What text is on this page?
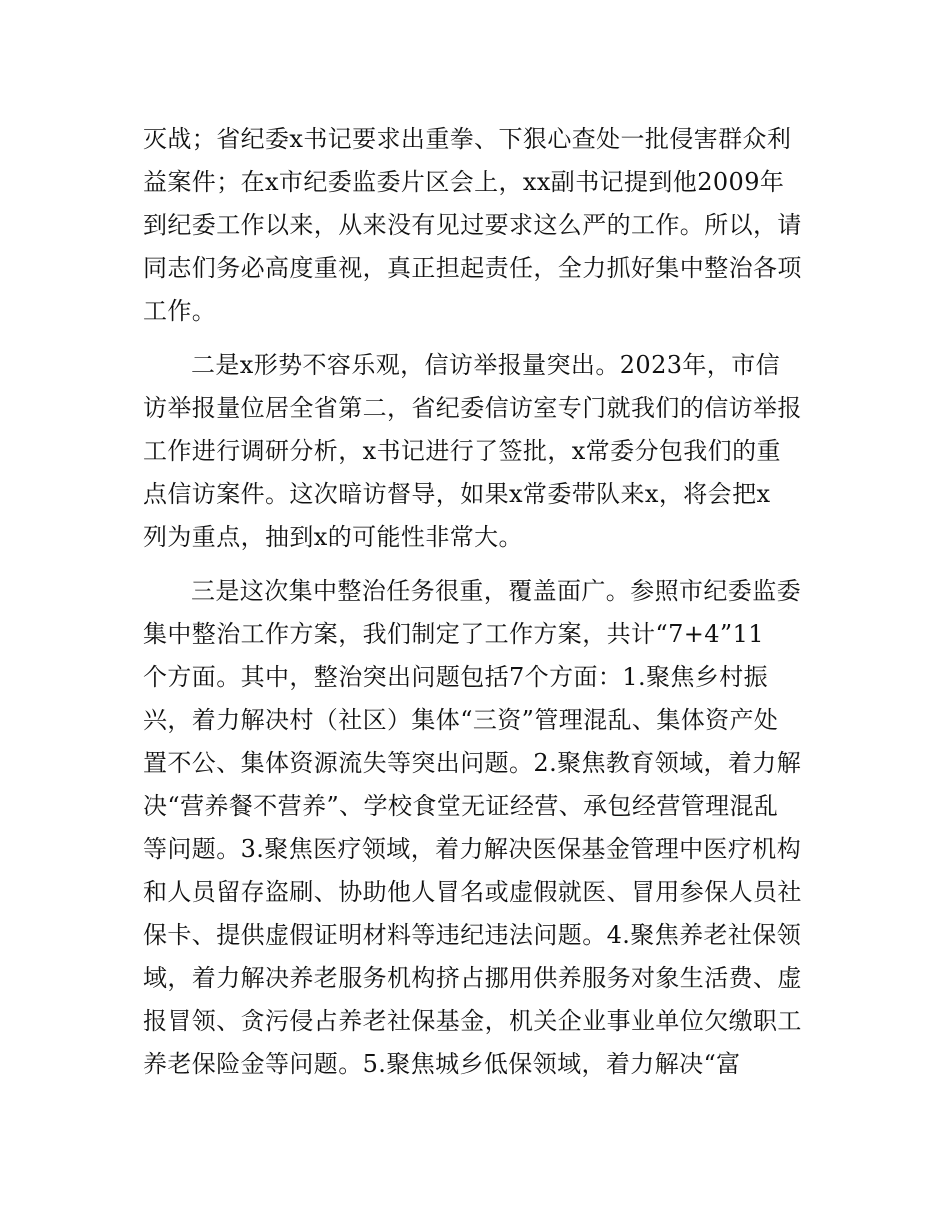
灭战；省纪委x书记要求出重拳、下狠心查处一批侵害群众利
益案件；在x市纪委监委片区会上，xx副书记提到他2009年
到纪委工作以来，从来没有见过要求这么严的工作。所以，请
同志们务必高度重视，真正担起责任，全力抓好集中整治各项
工作。
二是x形势不容乐观，信访举报量突出。2023年，市信
访举报量位居全省第二，省纪委信访室专门就我们的信访举报
工作进行调研分析，x书记进行了签批，x常委分包我们的重
点信访案件。这次暗访督导，如果x常委带队来x，将会把x
列为重点，抽到x的可能性非常大。
三是这次集中整治任务很重，覆盖面广。参照市纪委监委
集中整治工作方案，我们制定了工作方案，共计“7+4”11
个方面。其中，整治突出问题包括7个方面：1.聚焦乡村振
兴，着力解决村（社区）集体“三资”管理混乱、集体资产处
置不公、集体资源流失等突出问题。2.聚焦教育领域，着力解
决“营养餐不营养”、学校食堂无证经营、承包经营管理混乱
等问题。3.聚焦医疗领域，着力解决医保基金管理中医疗机构
和人员留存盗刷、协助他人冒名或虚假就医、冒用参保人员社
保卡、提供虚假证明材料等违纪违法问题。4.聚焦养老社保领
域，着力解决养老服务机构挤占挪用供养服务对象生活费、虚
报冒领、贪污侵占养老社保基金，机关企业事业单位欠缴职工
养老保险金等问题。5.聚焦城乡低保领域，着力解决“富
